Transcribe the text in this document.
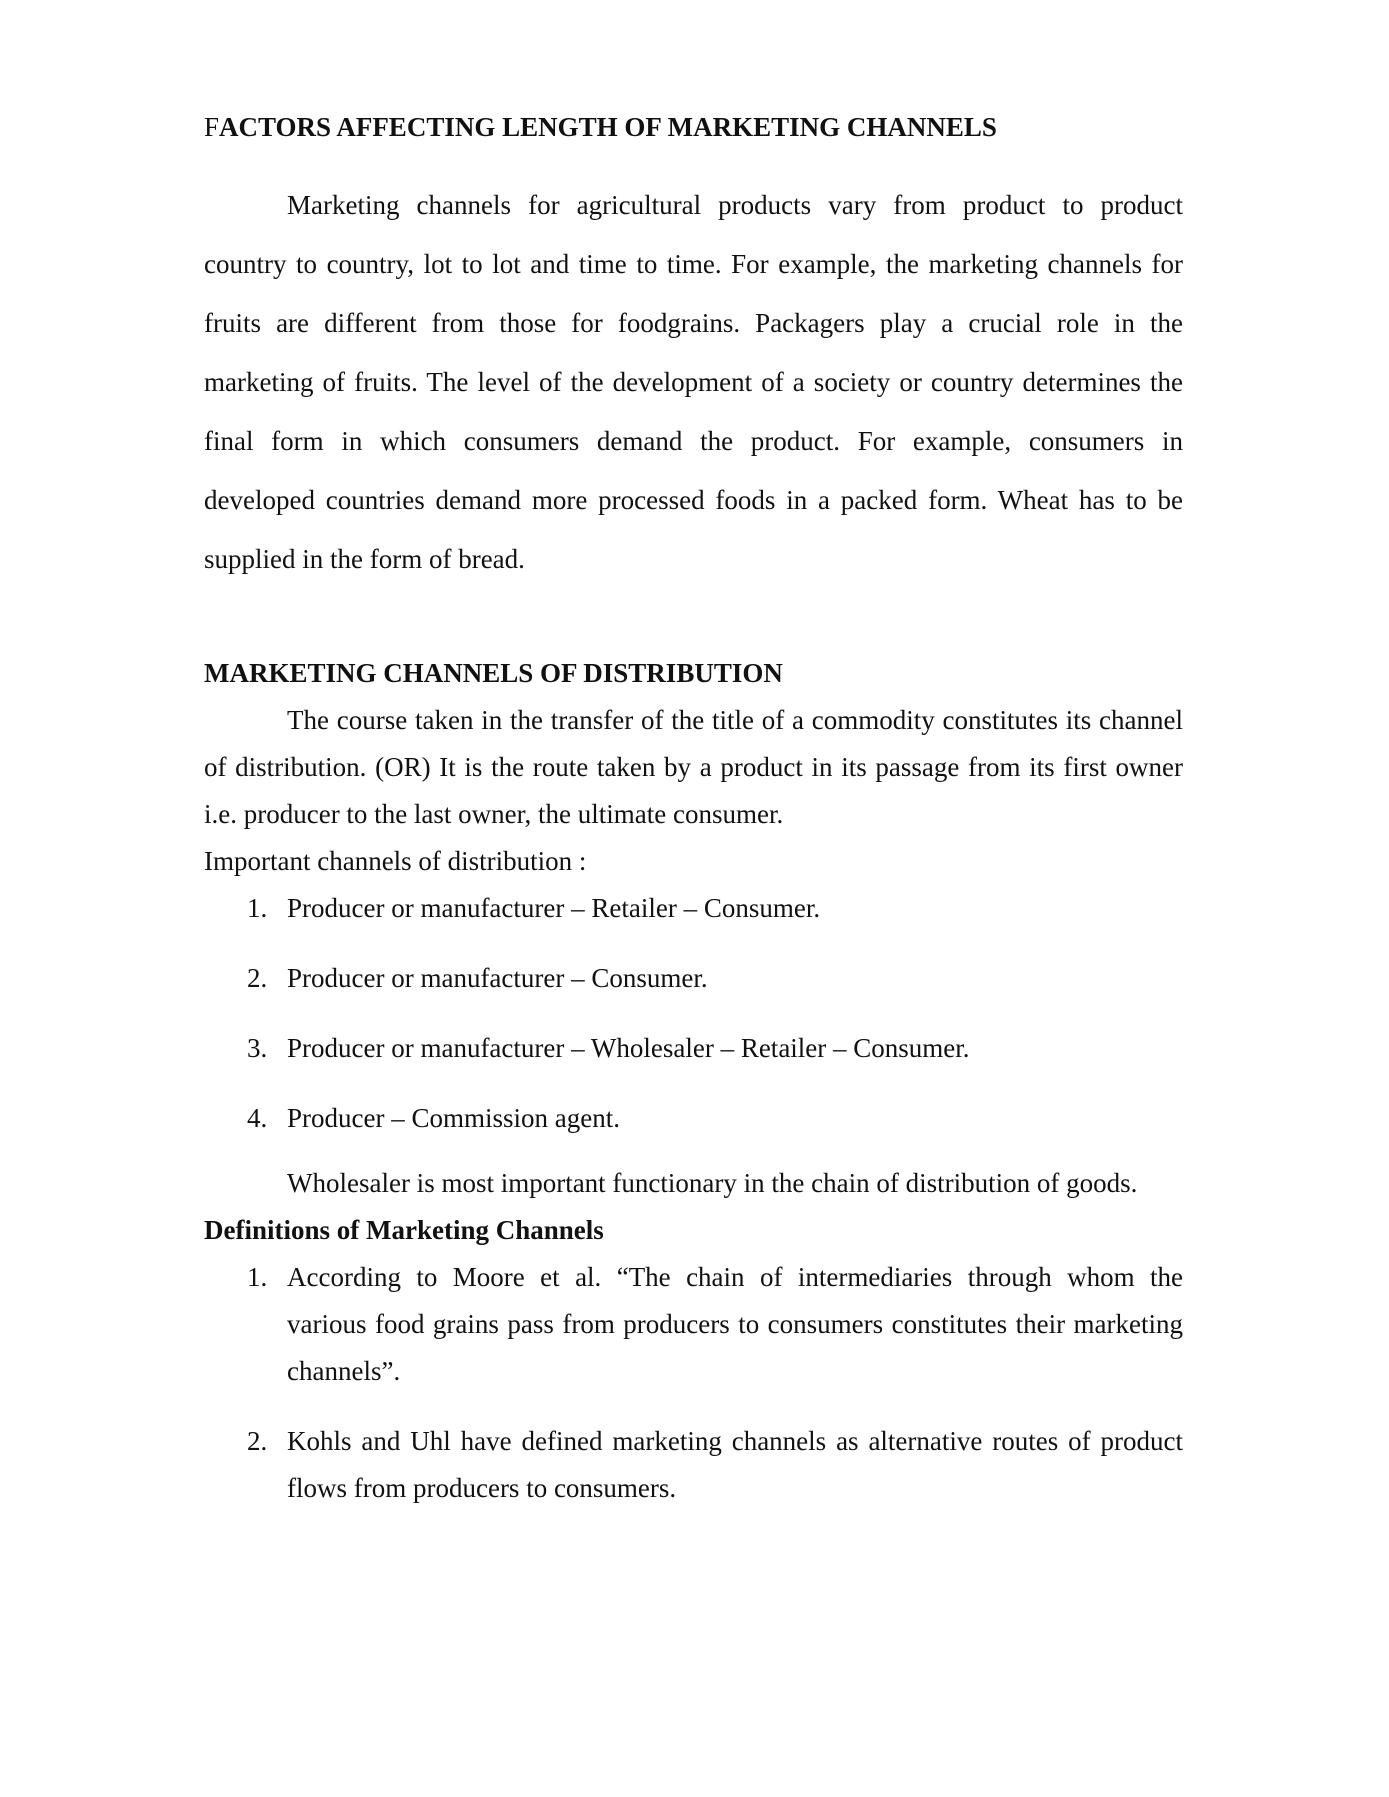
FACTORS AFFECTING LENGTH OF MARKETING CHANNELS
Marketing channels for agricultural products vary from product to product
country to country, lot to lot and time to time. For example, the marketing channels for
fruits are different from those for foodgrains. Packagers play a crucial role in the
marketing of fruits. The level of the development of a society or country determines the
final form in which consumers demand the product. For example, consumers in
developed countries demand more processed foods in a packed form. Wheat has to be
supplied in the form of bread.
MARKETING CHANNELS OF DISTRIBUTION
The course taken in the transfer of the title of a commodity constitutes its channel
of distribution. (OR) It is the route taken by a product in its passage from its first owner
i.e. producer to the last owner, the ultimate consumer.
Important channels of distribution :
1. Producer or manufacturer – Retailer – Consumer.
2. Producer or manufacturer – Consumer.
3. Producer or manufacturer – Wholesaler – Retailer – Consumer.
4. Producer – Commission agent.
Wholesaler is most important functionary in the chain of distribution of goods.
Definitions of Marketing Channels
1. According to Moore et al. “The chain of intermediaries through whom the
various food grains pass from producers to consumers constitutes their marketing
channels”.
2. Kohls and Uhl have defined marketing channels as alternative routes of product
flows from producers to consumers.
